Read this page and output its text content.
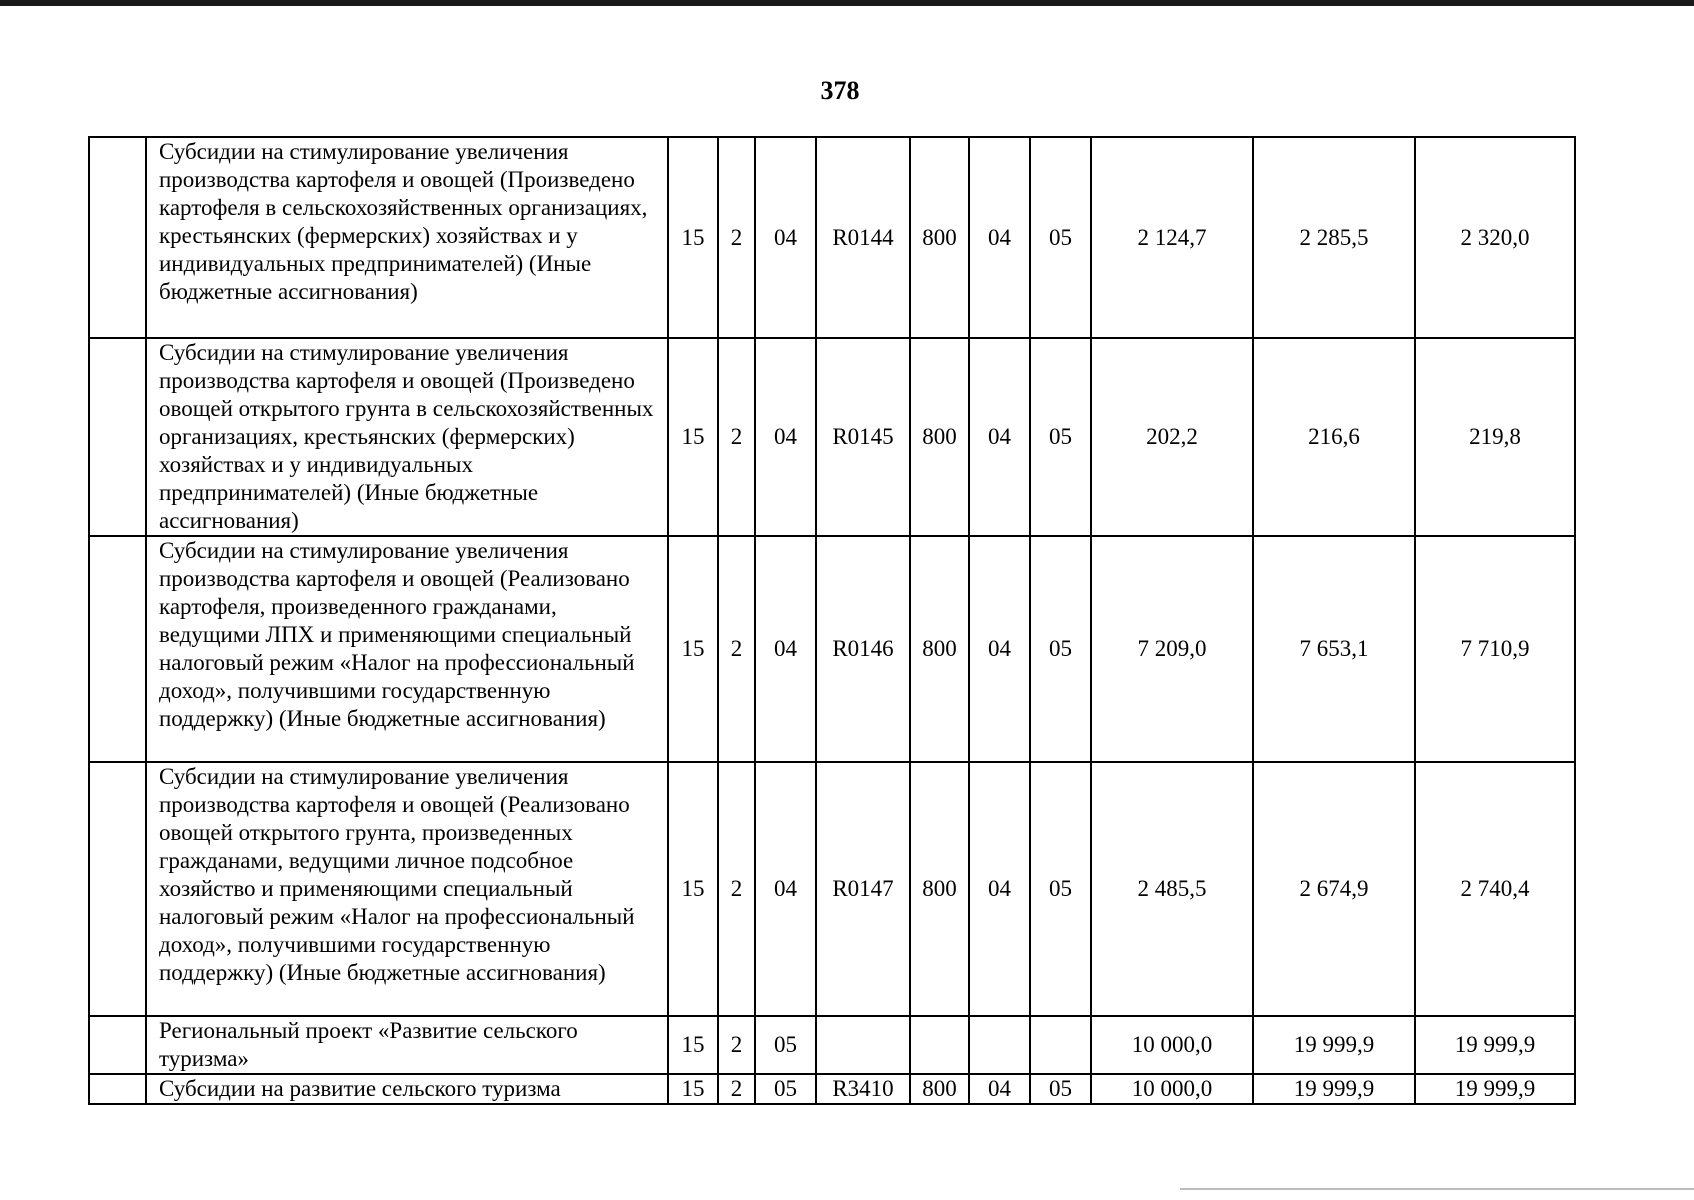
378
	Субсидии на стимулирование увеличения производства картофеля и овощей (Произведено картофеля в сельскохозяйственных организациях, крестьянских (фермерских) хозяйствах и у индивидуальных предпринимателей) (Иные бюджетные ассигнования)	15	2	04	R0144	800	04	05	2 124,7	2 285,5	2 320,0
	Субсидии на стимулирование увеличения производства картофеля и овощей (Произведено овощей открытого грунта в сельскохозяйственных организациях, крестьянских (фермерских) хозяйствах и у индивидуальных предпринимателей) (Иные бюджетные ассигнования)	15	2	04	R0145	800	04	05	202,2	216,6	219,8
	Субсидии на стимулирование увеличения производства картофеля и овощей (Реализовано картофеля, произведенного гражданами, ведущими ЛПХ и применяющими специальный налоговый режим «Налог на профессиональный доход», получившими государственную поддержку) (Иные бюджетные ассигнования)	15	2	04	R0146	800	04	05	7 209,0	7 653,1	7 710,9
	Субсидии на стимулирование увеличения производства картофеля и овощей (Реализовано овощей открытого грунта, произведенных гражданами, ведущими личное подсобное хозяйство и применяющими специальный налоговый режим «Налог на профессиональный доход», получившими государственную поддержку) (Иные бюджетные ассигнования)	15	2	04	R0147	800	04	05	2 485,5	2 674,9	2 740,4
	Региональный проект «Развитие сельского туризма»	15	2	05					10 000,0	19 999,9	19 999,9
	Субсидии на развитие сельского туризма	15	2	05	R3410	800	04	05	10 000,0	19 999,9	19 999,9
